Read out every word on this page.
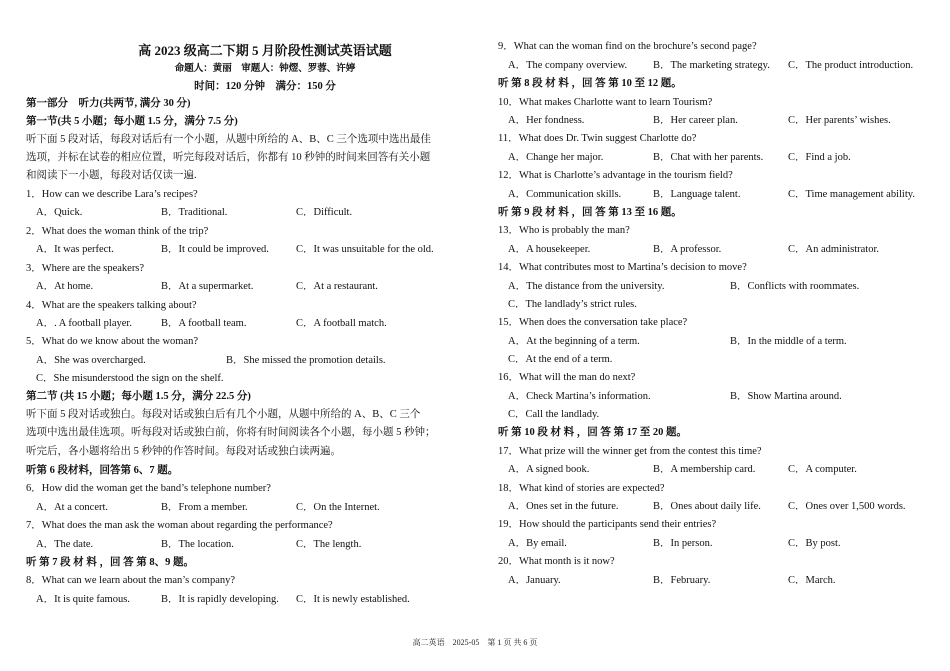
高 2023 级高二下期 5 月阶段性测试英语试题
命题人：黄丽　审题人：钟熤、罗蓉、许婷
时间：120 分钟　满分：150 分
第一部分　听力(共两节, 满分 30 分)
第一节(共 5 小题；每小题 1.5 分，满分 7.5 分)
听下面 5 段对话，每段对话后有一个小题，从题中所给的 A、B、C 三个选项中选出最佳
选项，并标在试卷的相应位置，听完每段对话后，你都有 10 秒钟的时间来回答有关小题
和阅读下一小题，每段对话仅读一遍.
1．How can we describe Lara’s recipes?
A．Quick.	B．Traditional.	C．Difficult.
2．What does the woman think of the trip?
A．It was perfect.	B．It could be improved.	C．It was unsuitable for the old.
3．Where are the speakers?
A．At home.	B．At a supermarket.	C．At a restaurant.
4．What are the speakers talking about?
A．. A football player.	B．A football team.	C．A football match.
5．What do we know about the woman?
A．She was overcharged.	B．She missed the promotion details.
C．She misunderstood the sign on the shelf.
第二节 (共 15 小题；每小题 1.5 分，满分 22.5 分)
听下面 5 段对话或独白。每段对话或独白后有几个小题，从题中所给的 A、B、C 三个
选项中选出最佳选项。听每段对话或独白前，你将有时间阅读各个小题，每小题 5 秒钟；
听完后，各小题将给出 5 秒钟的作答时间。每段对话或独白读两遍。
听第 6 段材料，回答第 6、7 题。
6．How did the woman get the band’s telephone number?
A．At a concert.	B．From a member.	C．On the Internet.
7．What does the man ask the woman about regarding the performance?
A．The date.	B．The location.	C．The length.
听 第 7 段 材 料 ，回 答 第 8、9 题。
8．What can we learn about the man’s company?
A．It is quite famous.	B．It is rapidly developing. C．It is newly established.
9．What can the woman find on the brochure’s second page?
A．The company overview. B．The marketing strategy. C．The product introduction.
听 第 8 段 材 料 ，回 答 第 10 至 12 题。
10．What makes Charlotte want to learn Tourism?
A．Her fondness.	B．Her career plan.	C．Her parents’ wishes.
11．What does Dr. Twin suggest Charlotte do?
A．Change her major.	B．Chat with her parents. C．Find a job.
12．What is Charlotte’s advantage in the tourism field?
A．Communication skills.	B．Language talent.	C．Time management ability.
听 第 9 段 材 料 ，回 答 第 13 至 16 题。
13．Who is probably the man?
A．A housekeeper.	B．A professor.	C．An administrator.
14．What contributes most to Martina’s decision to move?
A．The distance from the university.	B．Conflicts with roommates.
C．The landlady’s strict rules.
15．When does the conversation take place?
A．At the beginning of a term.	B．In the middle of a term.
C．At the end of a term.
16．What will the man do next?
A．Check Martina’s information.	B．Show Martina around.
C．Call the landlady.
听 第 10 段 材 料 ，回 答 第 17 至 20 题。
17．What prize will the winner get from the contest this time?
A．A signed book.	B．A membership card.	C．A computer.
18．What kind of stories are expected?
A．Ones set in the future.	B．Ones about daily life.	C．Ones over 1,500 words.
19．How should the participants send their entries?
A．By email.	B．In person.	C．By post.
20．What month is it now?
A．January.	B．February.	C．March.
高二英语　2025-05　第 1 页 共 6 页
